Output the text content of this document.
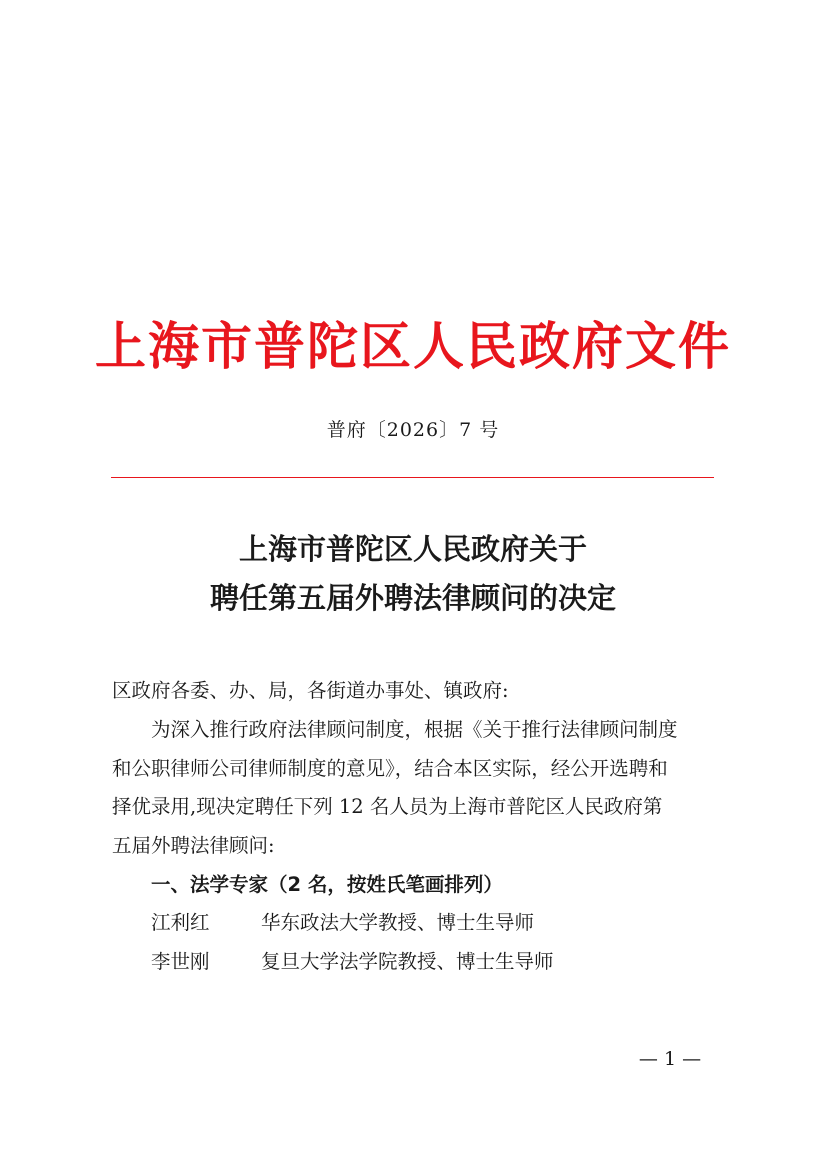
上海市普陀区人民政府文件
普府〔2026〕7 号
上海市普陀区人民政府关于
聘任第五届外聘法律顾问的决定
区政府各委、办、局，各街道办事处、镇政府:
为深入推行政府法律顾问制度，根据《关于推行法律顾问制度
和公职律师公司律师制度的意见》，结合本区实际，经公开选聘和
择优录用,现决定聘任下列 12 名人员为上海市普陀区人民政府第
五届外聘法律顾问:
一、法学专家（2 名，按姓氏笔画排列）
江利红	华东政法大学教授、博士生导师
李世刚	复旦大学法学院教授、博士生导师
— 1 —
